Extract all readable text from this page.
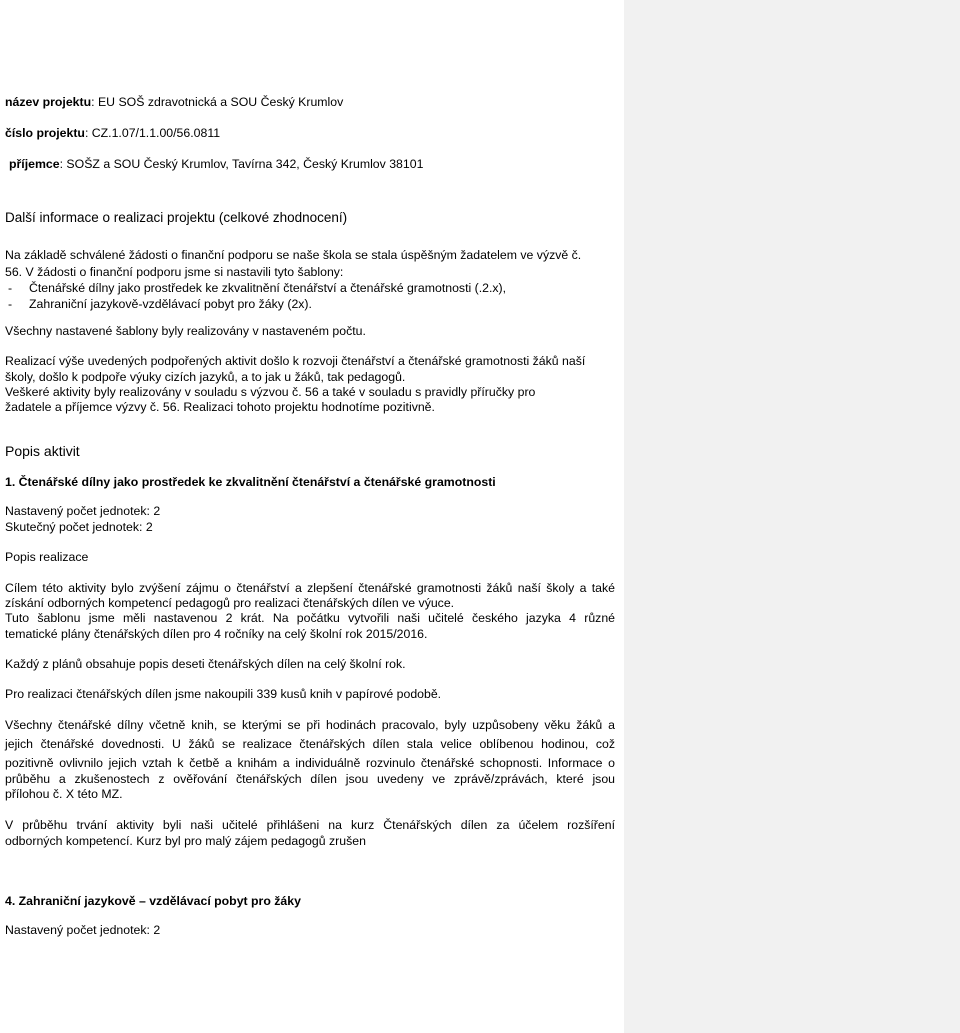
název projektu: EU SOŠ zdravotnická a SOU Český Krumlov
číslo projektu: CZ.1.07/1.1.00/56.0811
příjemce: SOŠZ a SOU Český Krumlov, Tavírna 342, Český Krumlov 38101
Další informace o realizaci projektu (celkové zhodnocení)
Na základě schválené žádosti o finanční podporu se naše škola se stala úspěšným žadatelem ve výzvě č.
56. V žádosti o finanční podporu jsme si nastavili tyto šablony:
- Čtenářské dílny jako prostředek ke zkvalitnění čtenářství a čtenářské gramotnosti (.2.x),
- Zahraniční jazykově-vzdělávací pobyt pro žáky (2x).
Všechny nastavené šablony byly realizovány v nastaveném počtu.
Realizací výše uvedených podpořených aktivit došlo k rozvoji čtenářství a čtenářské gramotnosti žáků naší
školy, došlo k podpoře výuky cizích jazyků, a to jak u žáků, tak pedagogů.
Veškeré aktivity byly realizovány v souladu s výzvou č. 56 a také v souladu s pravidly příručky pro
žadatele a příjemce výzvy č. 56. Realizaci tohoto projektu hodnotíme pozitivně.
Popis aktivit
1. Čtenářské dílny jako prostředek ke zkvalitnění čtenářství a čtenářské gramotnosti
Nastavený počet jednotek: 2
Skutečný počet jednotek: 2
Popis realizace
Cílem této aktivity bylo zvýšení zájmu o čtenářství a zlepšení čtenářské gramotnosti žáků naší školy a také
získání odborných kompetencí pedagogů pro realizaci čtenářských dílen ve výuce.
Tuto šablonu jsme měli nastavenou 2 krát. Na počátku vytvořili naši učitelé českého jazyka 4 různé
tematické plány čtenářských dílen pro 4 ročníky na celý školní rok 2015/2016.
Každý z plánů obsahuje popis deseti čtenářských dílen na celý školní rok.
Pro realizaci čtenářských dílen jsme nakoupili 339 kusů knih v papírové podobě.
Všechny čtenářské dílny včetně knih, se kterými se při hodinách pracovalo, byly uzpůsobeny věku žáků a
jejich čtenářské dovednosti. U žáků se realizace čtenářských dílen stala velice oblíbenou hodinou, což
pozitivně ovlivnilo jejich vztah k četbě a knihám a individuálně rozvinulo čtenářské schopnosti. Informace o
průběhu a zkušenostech z ověřování čtenářských dílen jsou uvedeny ve zprávě/zprávách, které jsou
přílohou č. X této MZ.
V průběhu trvání aktivity byli naši učitelé přihlášeni na kurz Čtenářských dílen za účelem rozšíření
odborných kompetencí. Kurz byl pro malý zájem pedagogů zrušen
4. Zahraniční jazykově – vzdělávací pobyt pro žáky
Nastavený počet jednotek: 2
